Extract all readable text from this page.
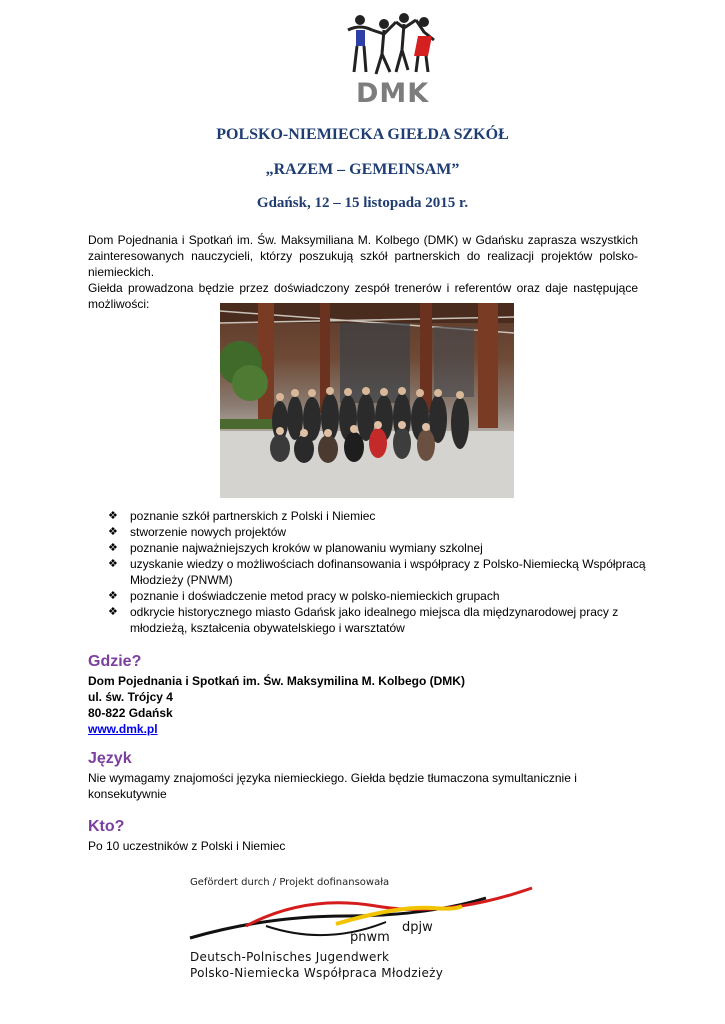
DMK
POLSKO-NIEMIECKA GIEŁDA SZKÓŁ
„RAZEM – GEMEINSAM”
Gdańsk, 12 – 15 listopada 2015 r.

Dom Pojednania i Spotkań im. Św. Maksymiliana M. Kolbego (DMK) w Gdańsku zaprasza wszystkich zainteresowanych nauczycieli, którzy poszukują szkół partnerskich do realizacji projektów polsko-niemieckich.

Giełda prowadzona będzie przez doświadczony zespół trenerów i referentów oraz daje następujące możliwości:

❖ poznanie szkół partnerskich z Polski i Niemiec
❖ stworzenie nowych projektów
❖ poznanie najważniejszych kroków w planowaniu wymiany szkolnej
❖ uzyskanie wiedzy o możliwościach dofinansowania i współpracy z Polsko-Niemiecką Współpracą Młodzieży (PNWM)
❖ poznanie i doświadczenie metod pracy w polsko-niemieckich grupach
❖ odkrycie historycznego miasto Gdańsk jako idealnego miejsca dla międzynarodowej pracy z młodzieżą, kształcenia obywatelskiego i warsztatów
Gdzie?
Dom Pojednania i Spotkań im. Św. Maksymilina M. Kolbego (DMK)
ul. św. Trójcy 4
80-822 Gdańsk
www.dmk.pl
Język
Nie wymagamy znajomości języka niemieckiego. Giełda będzie tłumaczona symultanicznie i konsekutywnie
Kto?
Po 10 uczestników z Polski i Niemiec
Gefördert durch / Projekt dofinansowała
dpjw
pnwm
Deutsch-Polnisches Jugendwerk
Polsko-Niemiecka Współpraca Młodzieży
